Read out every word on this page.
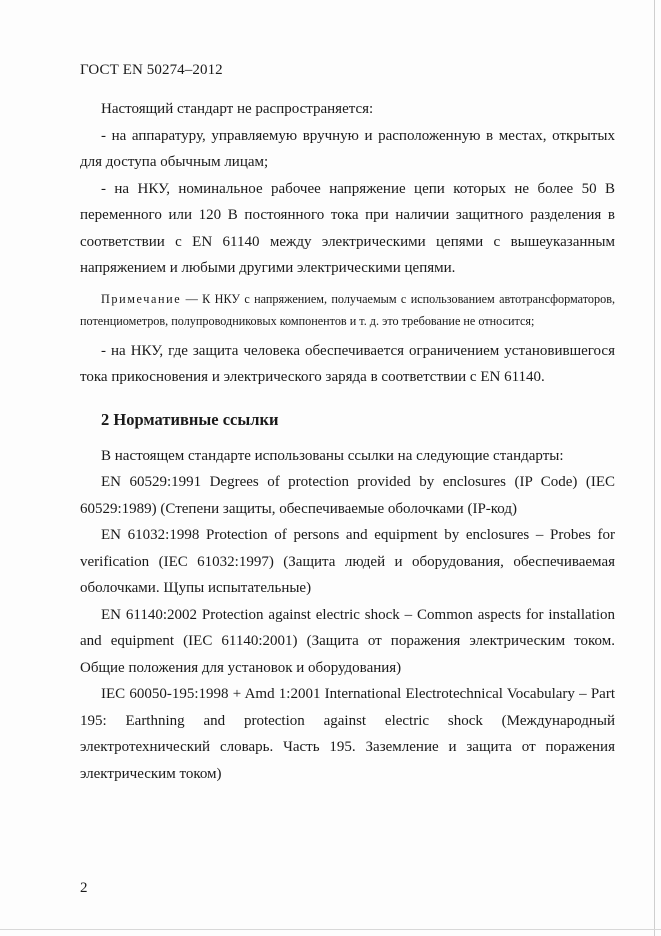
ГОСТ EN 50274–2012

Настоящий стандарт не распространяется:

- на аппаратуру, управляемую вручную и расположенную в местах, открытых для доступа обычным лицам;

- на НКУ, номинальное рабочее напряжение цепи которых не более 50 В переменного или 120 В постоянного тока при наличии защитного разделения в соответствии с EN 61140 между электрическими цепями с вышеуказанным напряжением и любыми другими электрическими цепями.

Примечание — К НКУ с напряжением, получаемым с использованием автотрансформаторов, потенциометров, полупроводниковых компонентов и т. д. это требование не относится;

- на НКУ, где защита человека обеспечивается ограничением установившегося тока прикосновения и электрического заряда в соответствии с EN 61140.

2 Нормативные ссылки

В настоящем стандарте использованы ссылки на следующие стандарты:

EN 60529:1991 Degrees of protection provided by enclosures (IP Code) (IEC 60529:1989) (Степени защиты, обеспечиваемые оболочками (IP-код)

EN 61032:1998 Protection of persons and equipment by enclosures – Probes for verification (IEC 61032:1997) (Защита людей и оборудования, обеспечиваемая оболочками. Щупы испытательные)

EN 61140:2002 Protection against electric shock – Common aspects for installation and equipment (IEC 61140:2001) (Защита от поражения электрическим током. Общие положения для установок и оборудования)

IEC 60050-195:1998 + Amd 1:2001 International Electrotechnical Vocabulary – Part 195: Earthning and protection against electric shock (Международный электротехнический словарь. Часть 195. Заземление и защита от поражения электрическим током)

2
